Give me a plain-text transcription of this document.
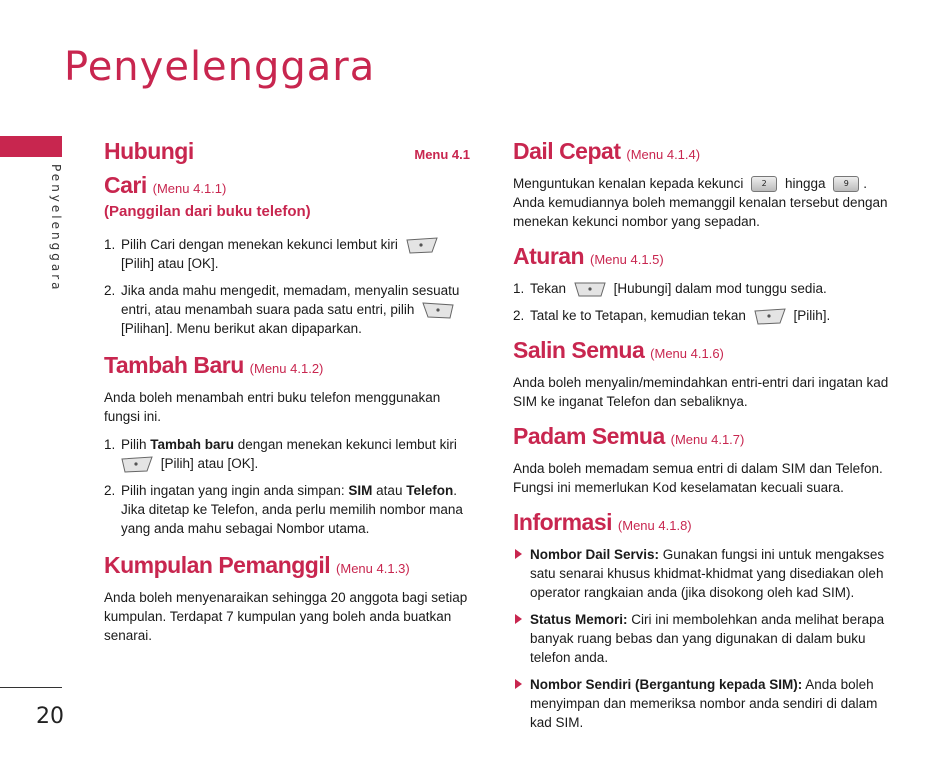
Penyelenggara
Penyelenggara
20
Hubungi	Menu 4.1
Cari (Menu 4.1.1)
(Panggilan dari buku telefon)
1. Pilih Cari dengan menekan kekunci lembut kiri
[Pilih] atau [OK].
2. Jika anda mahu mengedit, memadam, menyalin sesuatu entri, atau menambah suara pada satu entri, pilih  [Pilihan]. Menu berikut akan dipaparkan.
Tambah Baru (Menu 4.1.2)

Anda boleh menambah entri buku telefon menggunakan fungsi ini.

1. Pilih Tambah baru dengan menekan kekunci lembut kiri
[Pilih] atau [OK].
2. Pilih ingatan yang ingin anda simpan: SIM atau Telefon. Jika ditetap ke Telefon, anda perlu memilih nombor mana yang anda mahu sebagai Nombor utama.
Kumpulan Pemanggil (Menu 4.1.3)

Anda boleh menyenaraikan sehingga 20 anggota bagi setiap kumpulan. Terdapat 7 kumpulan yang boleh anda buatkan senarai.

Dail Cepat (Menu 4.1.4)

Menguntukan kenalan kepada kekunci 2 hingga 9 . Anda kemudiannya boleh memanggil kenalan tersebut dengan menekan kekunci nombor yang sepadan.

Aturan (Menu 4.1.5)
1. Tekan	[Hubungi] dalam mod tunggu sedia.
2. Tatal ke to Tetapan, kemudian tekan	[Pilih].
Salin Semua (Menu 4.1.6)

Anda boleh menyalin/memindahkan entri-entri dari ingatan kad SIM ke inganat Telefon dan sebaliknya.

Padam Semua (Menu 4.1.7)

Anda boleh memadam semua entri di dalam SIM dan Telefon. Fungsi ini memerlukan Kod keselamatan kecuali suara.

Informasi (Menu 4.1.8)
Nombor Dail Servis: Gunakan fungsi ini untuk mengakses satu senarai khusus khidmat-khidmat yang disediakan oleh operator rangkaian anda (jika disokong oleh kad SIM).
Status Memori: Ciri ini membolehkan anda melihat berapa banyak ruang bebas dan yang digunakan di dalam buku telefon anda.
Nombor Sendiri (Bergantung kepada SIM): Anda boleh menyimpan dan memeriksa nombor anda sendiri di dalam kad SIM.
